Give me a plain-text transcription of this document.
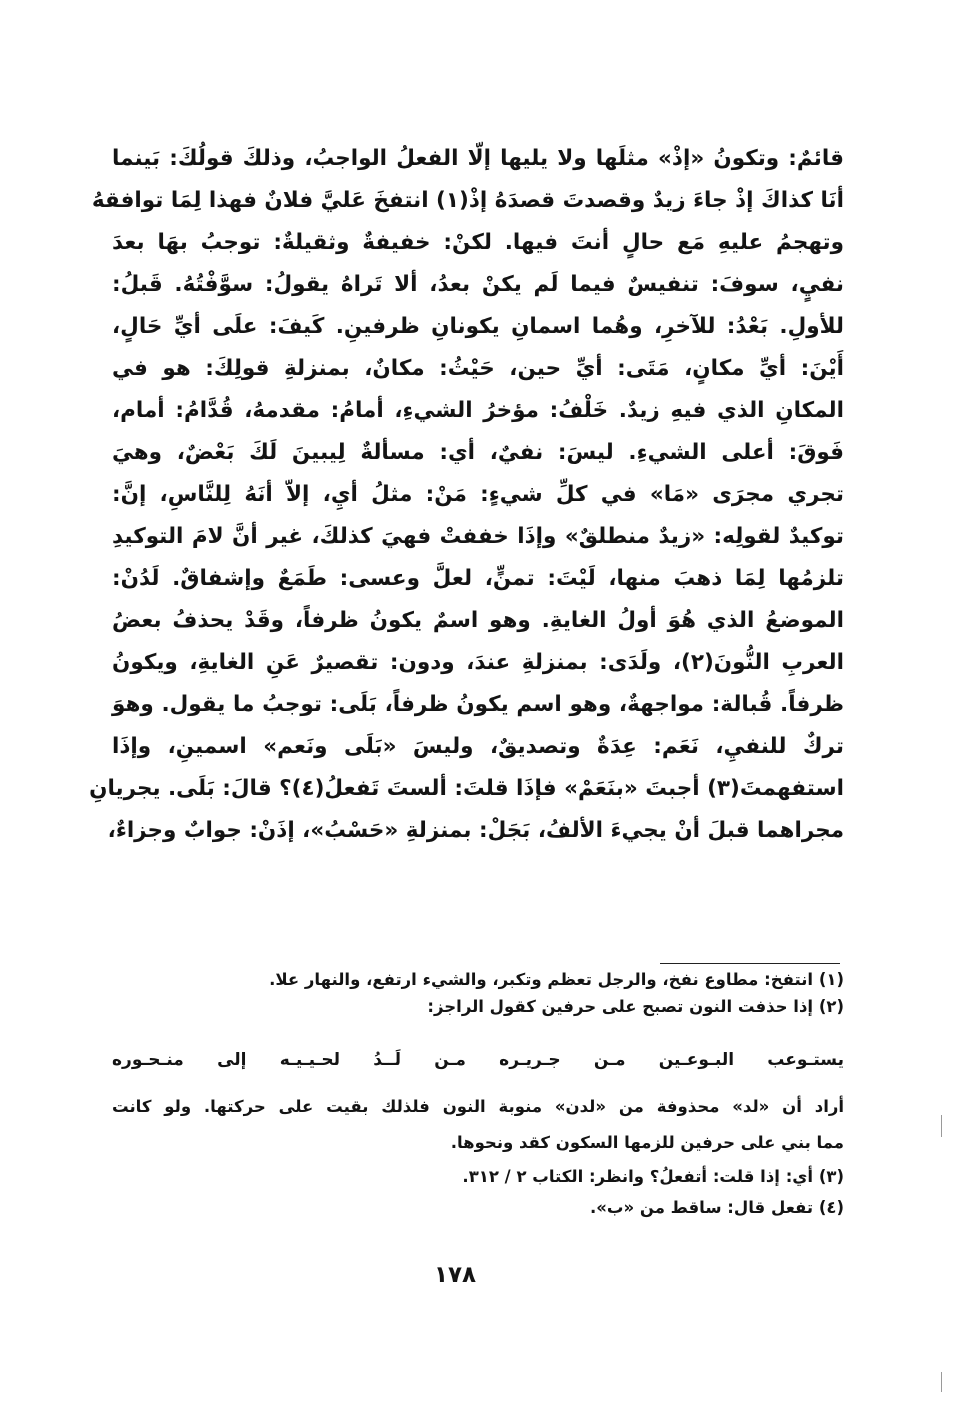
قائمٌ: وتكونُ «إذْ» مثلَها ولا يليها إلّا الفعلُ الواجبُ، وذلكَ قولُكَ: بَينما
أنَا كذاكَ إذْ جاءَ زيدٌ وقصدتَ قصدَهُ إذْ(١) انتفخَ عَليَّ فلانٌ فهذا لِمَا توافقهُ
وتهجمُ عليهِ مَع حالٍ أنتَ فيها. لكنْ: خفيفةٌ وثقيلةٌ: توجبُ بهَا بعدَ
نفيٍ، سوفَ: تنفيسٌ فيما لَم يكنْ بعدُ، ألا تَراهُ يقولُ: سوَّفْتُهُ. قَبلُ:
للأولِ. بَعْدُ: للآخرِ، وهُما اسمانِ يكونانِ ظرفينِ. كَيفَ: علَى أيِّ حَالٍ،
أَيْنَ: أيِّ مكانٍ، مَتَى: أيِّ حين، حَيْثُ: مكانٌ، بمنزلةِ قولِكَ: هو في
المكانِ الذي فيهِ زيدٌ. خَلْفُ: مؤخرُ الشيءِ، أمامُ: مقدمهُ، قُدَّامُ: أمام،
فَوقَ: أعلى الشيءِ. ليسَ: نفيٌ، أي: مسألةٌ لِيبينَ لَكَ بَعْضٌ، وهيَ
تجري مجرَى «مَا» في كلِّ شيءٍ: مَنْ: مثلُ أيِ، إلاّ أنَهُ لِلنَّاسِ، إنَّ:
توكيدٌ لقولِه: «زيدٌ منطلقٌ» وإذَا خففتْ فهيَ كذلكَ، غير أنَّ لامَ التوكيدِ
تلزمُها لِمَا ذهبَ منها، لَيْتَ: تمنٍّ، لعلَّ وعسى: طَمَعٌ وإشفاقٌ. لَدُنْ:
الموضعُ الذي هُوَ أولُ الغايةِ. وهو اسمٌ يكونُ ظرفاً، وقَدْ يحذفُ بعضُ
العربِ النُّونَ(٢)، ولَدَى: بمنزلةِ عندَ، ودون: تقصيرٌ عَنِ الغايةِ، ويكونُ
ظرفاً. قُبالة: مواجهةٌ، وهو اسم يكونُ ظرفاً، بَلَى: توجبُ ما يقول. وهوَ
تركٌ للنفيِ، نَعَم: عِدَةٌ وتصديقٌ، وليسَ «بَلَى ونَعم» اسمينِ، وإذَا
استفهمتَ(٣) أجبتَ «بنَعَمْ» فإذَا قلتَ: ألستَ تَفعلُ(٤)؟ قالَ: بَلَى. يجريانِ
مجراهما قبلَ أنْ يجيءَ الألفُ، بَجَلْ: بمنزلةِ «حَسْبُ»، إذَنْ: جوابٌ وجزاءٌ،
(١) انتفخ: مطاوع نفخ، والرجل تعظم وتكبر، والشيء ارتفع، والنهار علا.
(٢) إذا حذفت النون تصبح على حرفين كقول الراجز:
يستـوعب البـوعـين مـن جـريـره مـن لَــدُ لحـيـيـه إلى منـحـوره
أراد أن «لد» محذوفة من «لدن» منوبة النون فلذلك بقيت على حركتها. ولو كانت
مما بني على حرفين للزمها السكون كقد ونحوها.
(٣) أي: إذا قلت: أتفعلُ؟ وانظر: الكتاب ٢ / ٣١٢.
(٤) تفعل قال: ساقط من «ب».
١٧٨
